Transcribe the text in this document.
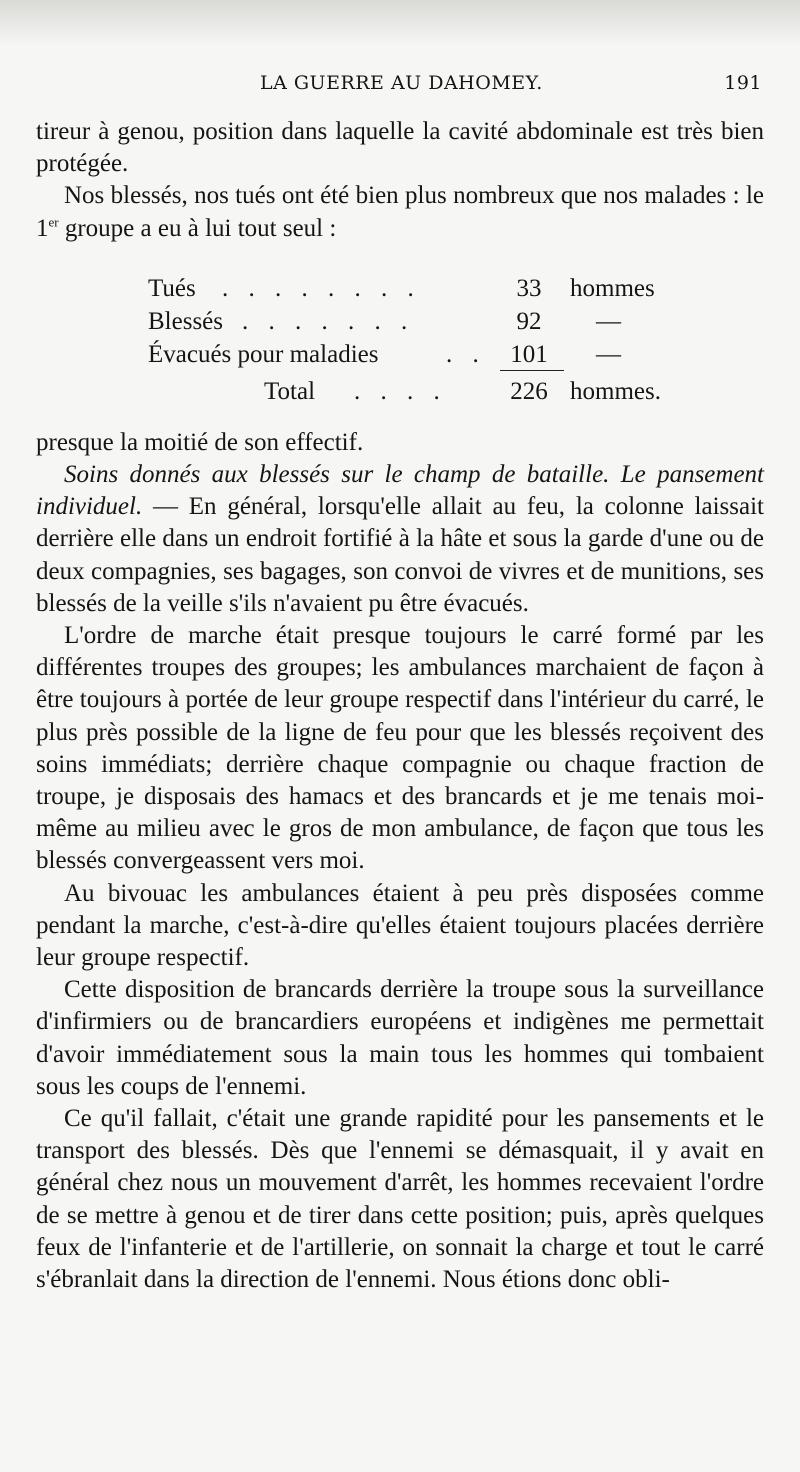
LA GUERRE AU DAHOMEY.	191

tireur à genou, position dans laquelle la cavité abdominale est très bien protégée.

Nos blessés, nos tués ont été bien plus nombreux que nos malades : le 1er groupe a eu à lui tout seul :

Tués . . . . . . . .	33	hommes
Blessés . . . . . . .	92	—
Évacués pour maladies	. . 101	—
Total . . . .	226 hommes.

presque la moitié de son effectif.

Soins donnés aux blessés sur le champ de bataille. Le pansement individuel. — En général, lorsqu'elle allait au feu, la colonne laissait derrière elle dans un endroit fortifié à la hâte et sous la garde d'une ou de deux compagnies, ses bagages, son convoi de vivres et de munitions, ses blessés de la veille s'ils n'avaient pu être évacués.

L'ordre de marche était presque toujours le carré formé par les différentes troupes des groupes; les ambulances marchaient de façon à être toujours à portée de leur groupe respectif dans l'intérieur du carré, le plus près possible de la ligne de feu pour que les blessés reçoivent des soins immédiats; derrière chaque compagnie ou chaque fraction de troupe, je disposais des hamacs et des brancards et je me tenais moi-même au milieu avec le gros de mon ambulance, de façon que tous les blessés convergeassent vers moi.

Au bivouac les ambulances étaient à peu près disposées comme pendant la marche, c'est-à-dire qu'elles étaient toujours placées derrière leur groupe respectif.

Cette disposition de brancards derrière la troupe sous la surveillance d'infirmiers ou de brancardiers européens et indigènes me permettait d'avoir immédiatement sous la main tous les hommes qui tombaient sous les coups de l'ennemi.

Ce qu'il fallait, c'était une grande rapidité pour les pansements et le transport des blessés. Dès que l'ennemi se démasquait, il y avait en général chez nous un mouvement d'arrêt, les hommes recevaient l'ordre de se mettre à genou et de tirer dans cette position; puis, après quelques feux de l'infanterie et de l'artillerie, on sonnait la charge et tout le carré s'ébranlait dans la direction de l'ennemi. Nous étions donc obli-
